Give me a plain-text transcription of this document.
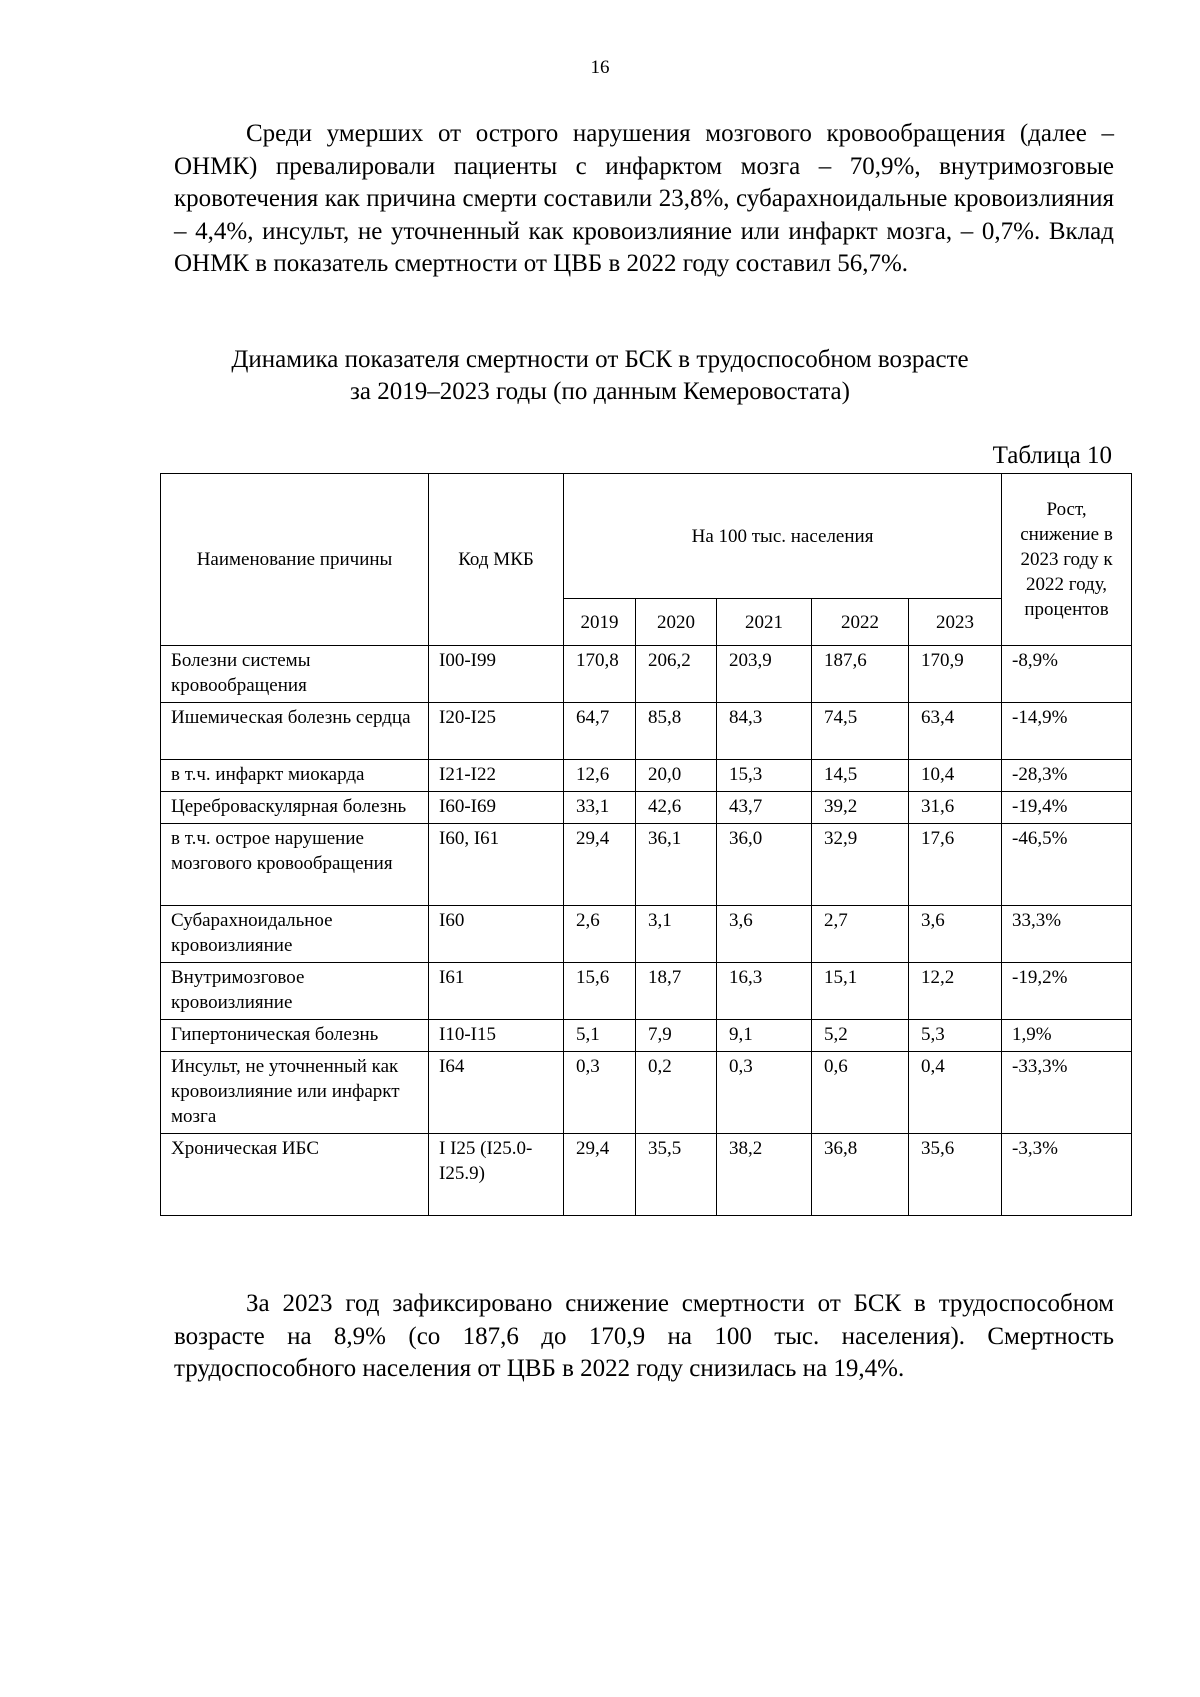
16

Среди умерших от острого нарушения мозгового кровообращения (далее – ОНМК) превалировали пациенты с инфарктом мозга – 70,9%, внутримозговые кровотечения как причина смерти составили 23,8%, субарахноидальные кровоизлияния – 4,4%, инсульт, не уточненный как кровоизлияние или инфаркт мозга, – 0,7%. Вклад ОНМК в показатель смертности от ЦВБ в 2022 году составил 56,7%.

Динамика показателя смертности от БСК в трудоспособном возрасте
за 2019–2023 годы (по данным Кемеровостата)
Таблица 10
Наименование причины	Код МКБ	На 100 тыс. населения					Рост, снижение в 2023 году к 2022 году, процентов
		2019	2020	2021	2022	2023	
Болезни системы кровообращения	I00-I99	170,8	206,2	203,9	187,6	170,9	-8,9%
Ишемическая болезнь сердца	I20-I25	64,7	85,8	84,3	74,5	63,4	-14,9%
в т.ч. инфаркт миокарда	I21-I22	12,6	20,0	15,3	14,5	10,4	-28,3%
Цереброваскулярная болезнь	I60-I69	33,1	42,6	43,7	39,2	31,6	-19,4%
в т.ч. острое нарушение мозгового кровообращения	I60, I61	29,4	36,1	36,0	32,9	17,6	-46,5%
Субарахноидальное кровоизлияние	I60	2,6	3,1	3,6	2,7	3,6	33,3%
Внутримозговое кровоизлияние	I61	15,6	18,7	16,3	15,1	12,2	-19,2%
Гипертоническая болезнь	I10-I15	5,1	7,9	9,1	5,2	5,3	1,9%
Инсульт, не уточненный как кровоизлияние или инфаркт мозга	I64	0,3	0,2	0,3	0,6	0,4	-33,3%
Хроническая ИБС	I I25 (I25.0-I25.9)	29,4	35,5	38,2	36,8	35,6	-3,3%

За 2023 год зафиксировано снижение смертности от БСК в трудоспособном возрасте на 8,9% (со 187,6 до 170,9 на 100 тыс. населения). Смертность трудоспособного населения от ЦВБ в 2022 году снизилась на 19,4%.
